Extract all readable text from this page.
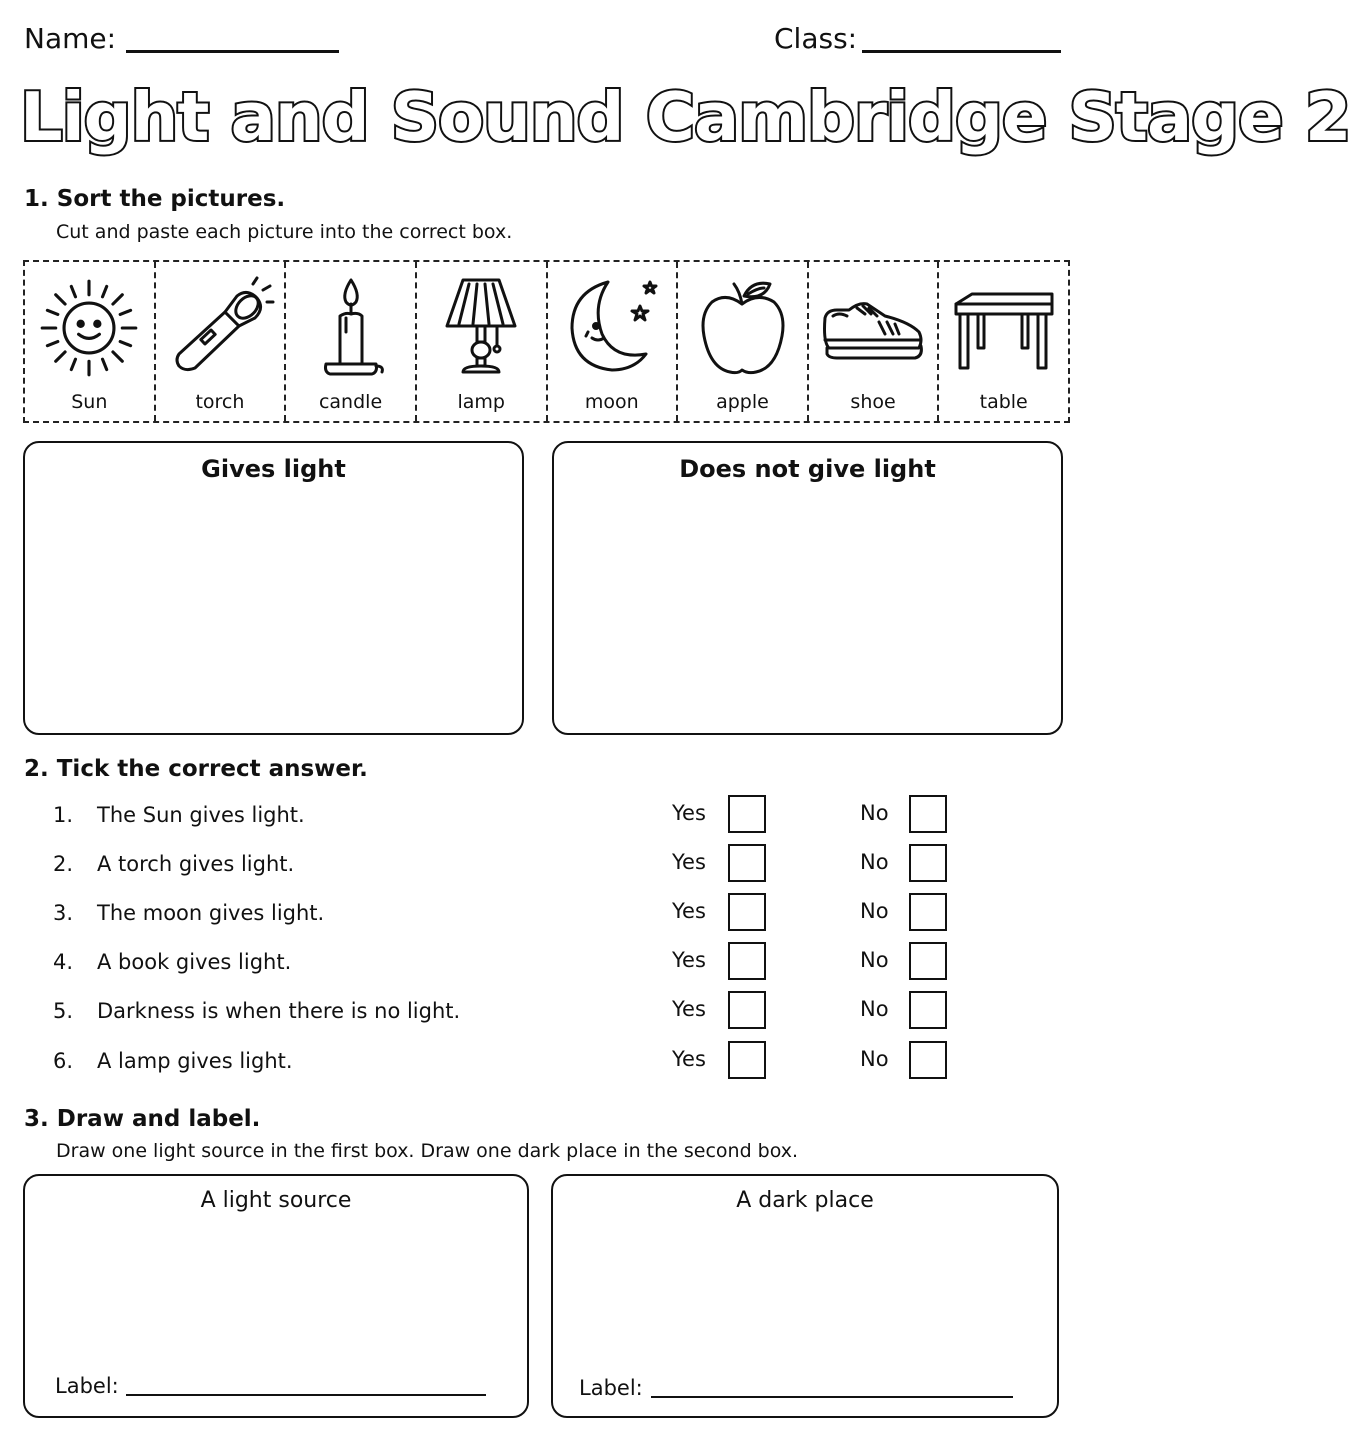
Name:	Class:
Light and Sound Cambridge Stage 2
1. Sort the pictures.
Cut and paste each picture into the correct box.
Sun	torch	candle	lamp	moon	apple	shoe	table
Gives light	Does not give light
2. Tick the correct answer.
1. The Sun gives light.	Yes	No
2. A torch gives light.	Yes	No
3. The moon gives light.	Yes	No
4. A book gives light.	Yes	No
5. Darkness is when there is no light.	Yes	No
6. A lamp gives light.	Yes	No
3. Draw and label.
Draw one light source in the first box. Draw one dark place in the second box.
A light source
Label:
A dark place
Label:
